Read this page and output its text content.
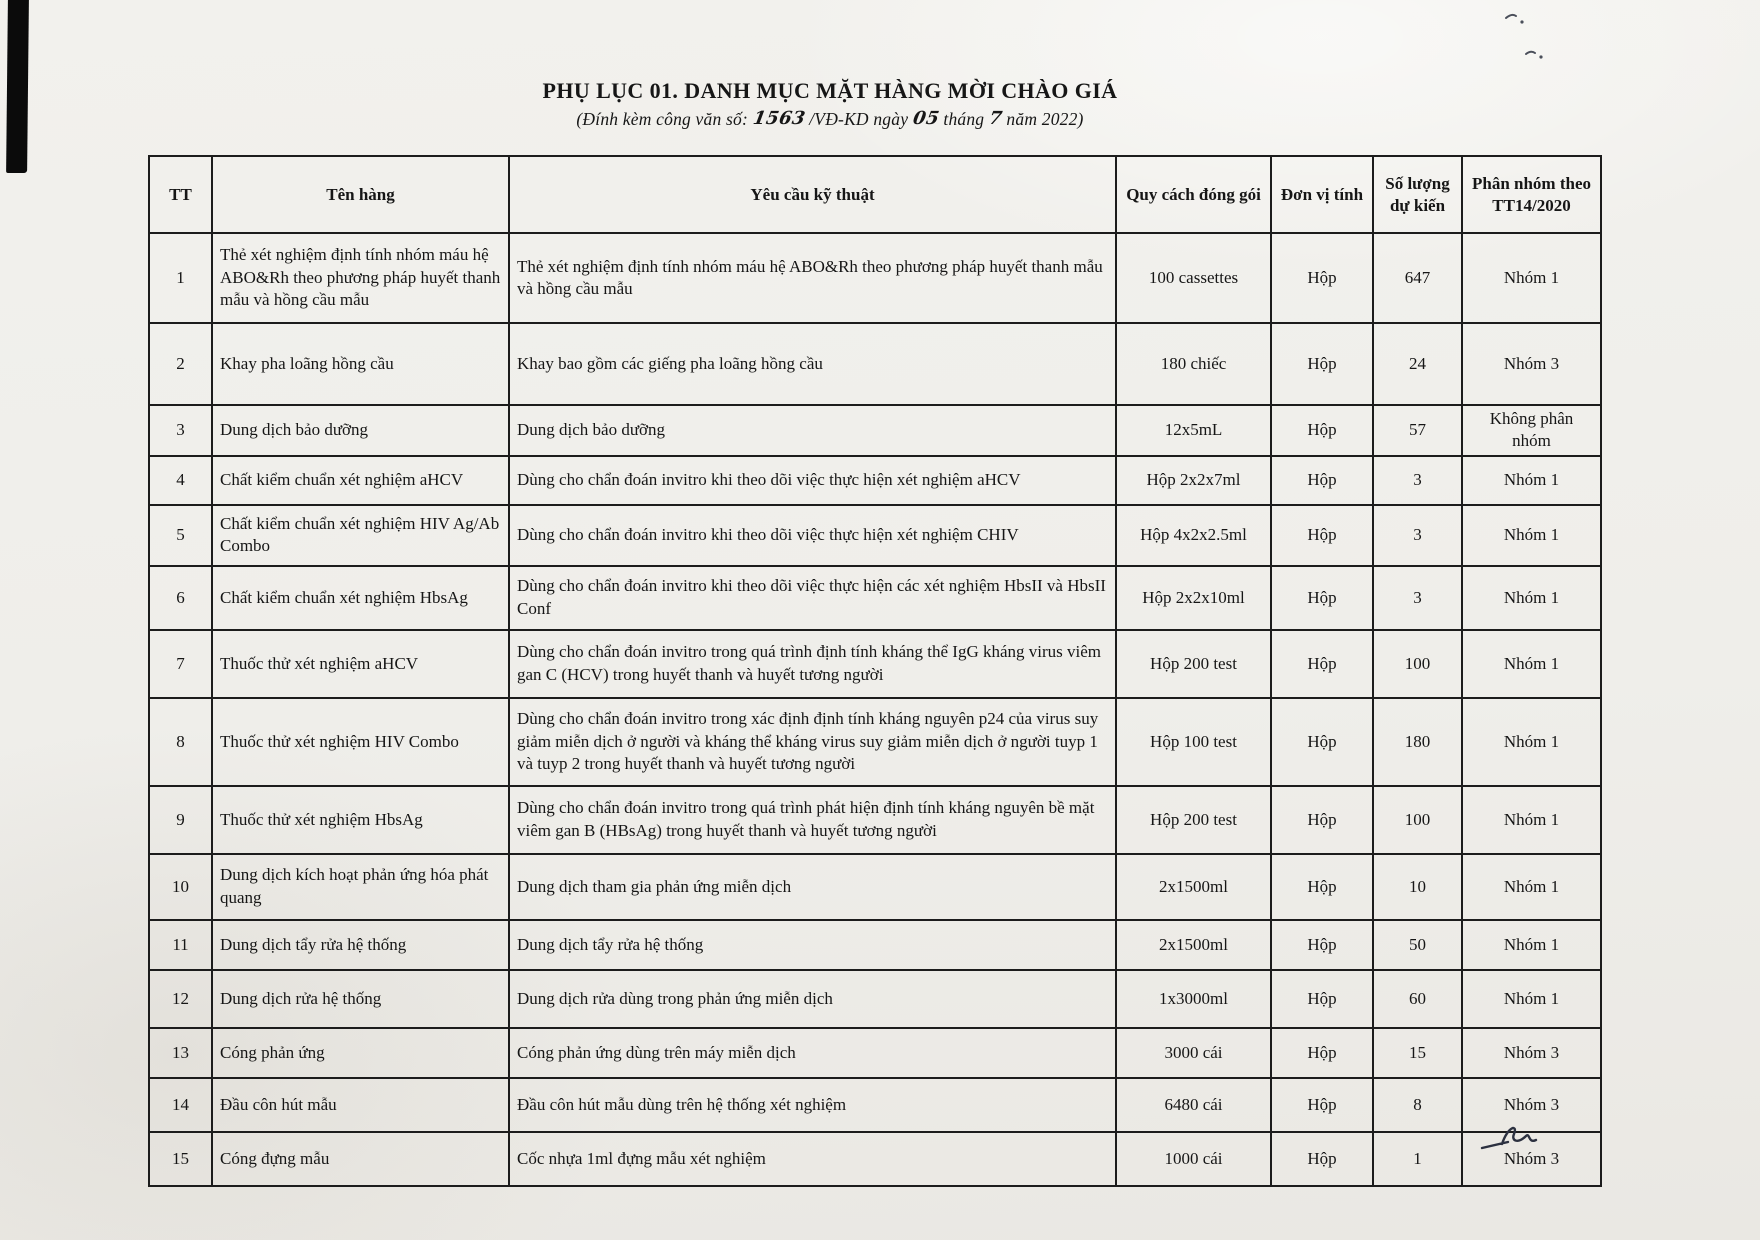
PHỤ LỤC 01. DANH MỤC MẶT HÀNG MỜI CHÀO GIÁ
(Đính kèm công văn số: 1563 /VĐ-KD ngày 05 tháng 7 năm 2022)
TT	Tên hàng	Yêu cầu kỹ thuật	Quy cách đóng gói	Đơn vị tính	Số lượng dự kiến	Phân nhóm theo TT14/2020
1	Thẻ xét nghiệm định tính nhóm máu hệ ABO&Rh theo phương pháp huyết thanh mẫu và hồng cầu mẫu	Thẻ xét nghiệm định tính nhóm máu hệ ABO&Rh theo phương pháp huyết thanh mẫu và hồng cầu mẫu	100 cassettes	Hộp	647	Nhóm 1
2	Khay pha loãng hồng cầu	Khay bao gồm các giếng pha loãng hồng cầu	180 chiếc	Hộp	24	Nhóm 3
3	Dung dịch bảo dưỡng	Dung dịch bảo dưỡng	12x5mL	Hộp	57	Không phân nhóm
4	Chất kiểm chuẩn xét nghiệm aHCV	Dùng cho chẩn đoán invitro khi theo dõi việc thực hiện xét nghiệm aHCV	Hộp 2x2x7ml	Hộp	3	Nhóm 1
5	Chất kiểm chuẩn xét nghiệm HIV Ag/Ab Combo	Dùng cho chẩn đoán invitro khi theo dõi việc thực hiện xét nghiệm CHIV	Hộp 4x2x2.5ml	Hộp	3	Nhóm 1
6	Chất kiểm chuẩn xét nghiệm HbsAg	Dùng cho chẩn đoán invitro khi theo dõi việc thực hiện các xét nghiệm HbsII và HbsII Conf	Hộp 2x2x10ml	Hộp	3	Nhóm 1
7	Thuốc thử xét nghiệm aHCV	Dùng cho chẩn đoán invitro trong quá trình định tính kháng thể IgG kháng virus viêm gan C (HCV) trong huyết thanh và huyết tương người	Hộp 200 test	Hộp	100	Nhóm 1
8	Thuốc thử xét nghiệm HIV Combo	Dùng cho chẩn đoán invitro trong xác định định tính kháng nguyên p24 của virus suy giảm miễn dịch ở người và kháng thể kháng virus suy giảm miễn dịch ở người tuyp 1 và tuyp 2 trong huyết thanh và huyết tương người	Hộp 100 test	Hộp	180	Nhóm 1
9	Thuốc thử xét nghiệm HbsAg	Dùng cho chẩn đoán invitro trong quá trình phát hiện định tính kháng nguyên bề mặt viêm gan B (HBsAg) trong huyết thanh và huyết tương người	Hộp 200 test	Hộp	100	Nhóm 1
10	Dung dịch kích hoạt phản ứng hóa phát quang	Dung dịch tham gia phản ứng miễn dịch	2x1500ml	Hộp	10	Nhóm 1
11	Dung dịch tẩy rửa hệ thống	Dung dịch tẩy rửa hệ thống	2x1500ml	Hộp	50	Nhóm 1
12	Dung dịch rửa hệ thống	Dung dịch rửa dùng trong phản ứng miễn dịch	1x3000ml	Hộp	60	Nhóm 1
13	Cóng phản ứng	Cóng phản ứng dùng trên máy miễn dịch	3000 cái	Hộp	15	Nhóm 3
14	Đầu côn hút mẫu	Đầu côn hút mẫu dùng trên hệ thống xét nghiệm	6480 cái	Hộp	8	Nhóm 3
15	Cóng đựng mẫu	Cốc nhựa 1ml đựng mẫu xét nghiệm	1000 cái	Hộp	1	Nhóm 3
